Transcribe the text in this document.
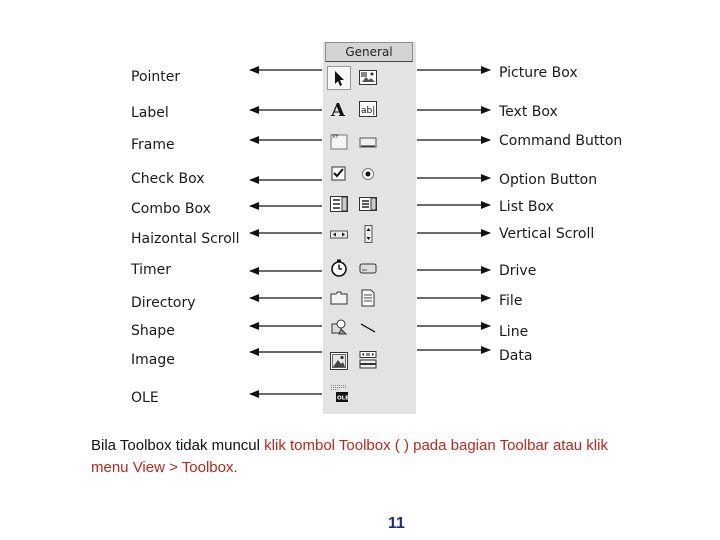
Pointer
Label
Frame
Check Box
Combo Box
Haizontal Scroll
Timer
Directory
Shape
Image
OLE
Picture Box
Text Box
Command Button
Option Button
List Box
Vertical Scroll
Drive
File
Line
Data
General
A ab|
XY
OLE
Bila Toolbox tidak muncul klik tombol Toolbox ( ) pada bagian Toolbar atau klik
menu View > Toolbox.
11
